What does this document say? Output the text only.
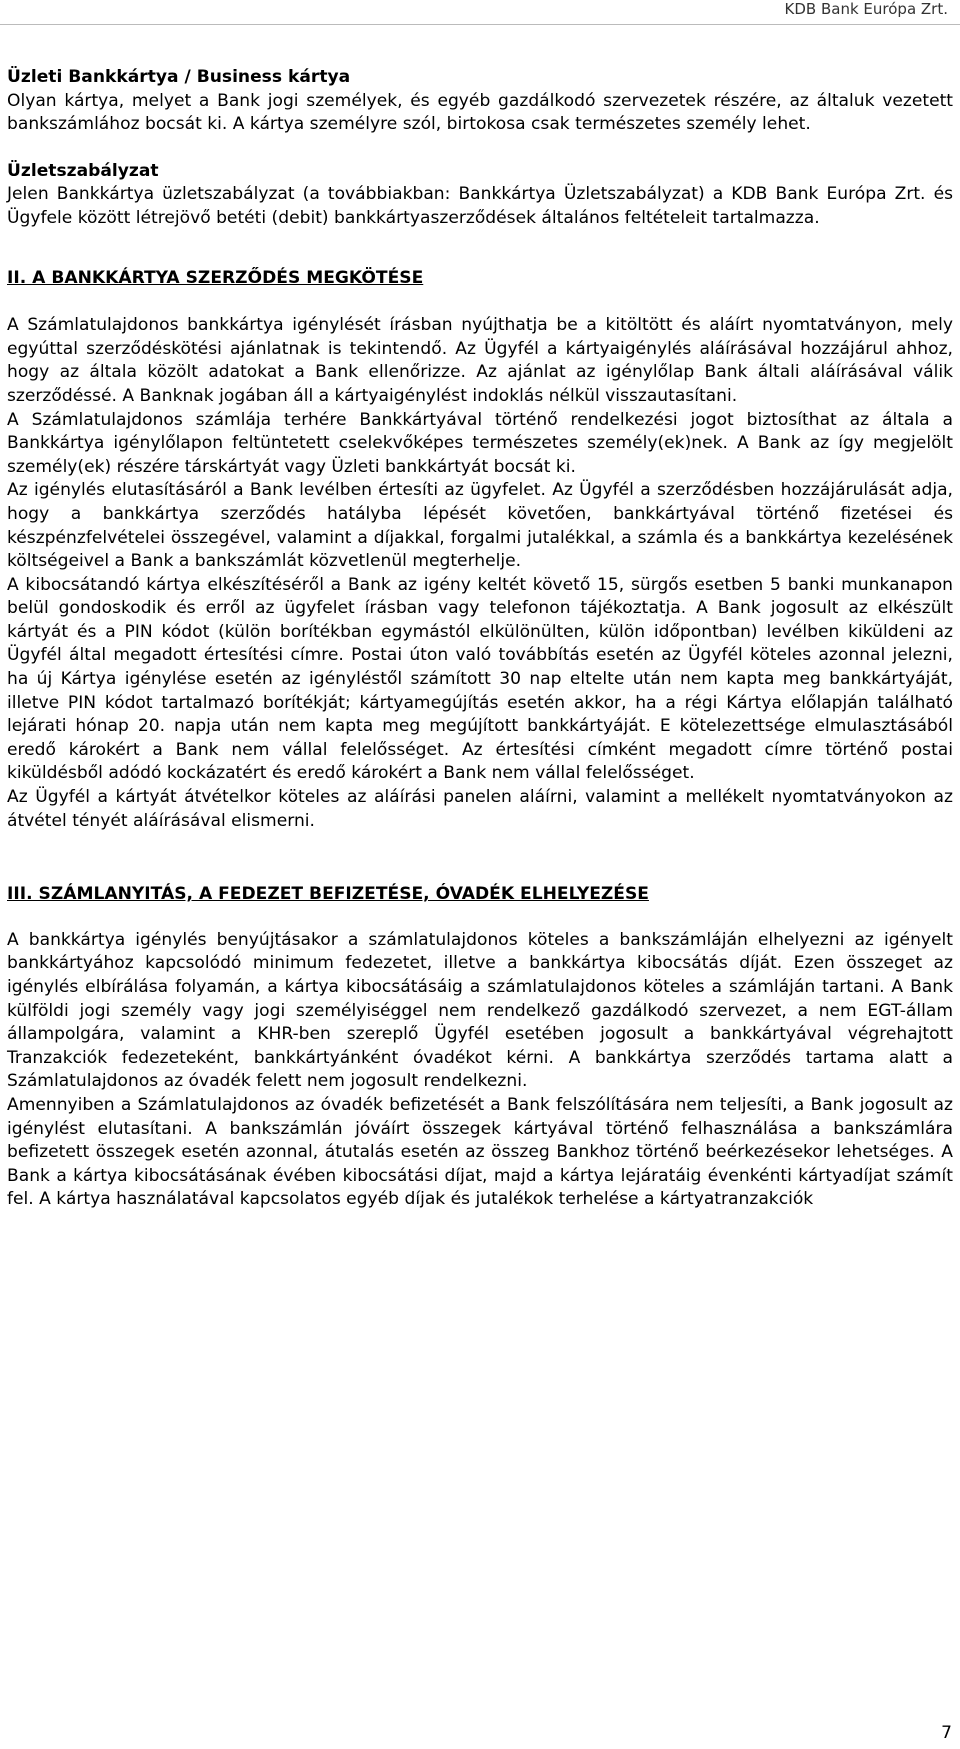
KDB Bank Európa Zrt.

Üzleti Bankkártya / Business kártya

Olyan kártya, melyet a Bank jogi személyek, és egyéb gazdálkodó szervezetek részére, az általuk vezetett bankszámlához bocsát ki. A kártya személyre szól, birtokosa csak természetes személy lehet.

Üzletszabályzat

Jelen Bankkártya üzletszabályzat (a továbbiakban: Bankkártya Üzletszabályzat) a KDB Bank Európa Zrt. és Ügyfele között létrejövő betéti (debit) bankkártyaszerződések általános feltételeit tartalmazza.

II. A BANKKÁRTYA SZERZŐDÉS MEGKÖTÉSE

A Számlatulajdonos bankkártya igénylését írásban nyújthatja be a kitöltött és aláírt nyomtatványon, mely egyúttal szerződéskötési ajánlatnak is tekintendő. Az Ügyfél a kártyaigénylés aláírásával hozzájárul ahhoz, hogy az általa közölt adatokat a Bank ellenőrizze. Az ajánlat az igénylőlap Bank általi aláírásával válik szerződéssé. A Banknak jogában áll a kártyaigénylést indoklás nélkül visszautasítani.

A Számlatulajdonos számlája terhére Bankkártyával történő rendelkezési jogot biztosíthat az általa a Bankkártya igénylőlapon feltüntetett cselekvőképes természetes személy(ek)nek. A Bank az így megjelölt személy(ek) részére társkártyát vagy Üzleti bankkártyát bocsát ki.

Az igénylés elutasításáról a Bank levélben értesíti az ügyfelet. Az Ügyfél a szerződésben hozzájárulását adja, hogy a bankkártya szerződés hatályba lépését követően, bankkártyával történő fizetései és készpénzfelvételei összegével, valamint a díjakkal, forgalmi jutalékkal, a számla és a bankkártya kezelésének költségeivel a Bank a bankszámlát közvetlenül megterhelje.

A kibocsátandó kártya elkészítéséről a Bank az igény keltét követő 15, sürgős esetben 5 banki munkanapon belül gondoskodik és erről az ügyfelet írásban vagy telefonon tájékoztatja. A Bank jogosult az elkészült kártyát és a PIN kódot (külön borítékban egymástól elkülönülten, külön időpontban) levélben kiküldeni az Ügyfél által megadott értesítési címre. Postai úton való továbbítás esetén az Ügyfél köteles azonnal jelezni, ha új Kártya igénylése esetén az igényléstől számított 30 nap eltelte után nem kapta meg bankkártyáját, illetve PIN kódot tartalmazó borítékját; kártyamegújítás esetén akkor, ha a régi Kártya előlapján található lejárati hónap 20. napja után nem kapta meg megújított bankkártyáját. E kötelezettsége elmulasztásából eredő károkért a Bank nem vállal felelősséget. Az értesítési címként megadott címre történő postai kiküldésből adódó kockázatért és eredő károkért a Bank nem vállal felelősséget.

Az Ügyfél a kártyát átvételkor köteles az aláírási panelen aláírni, valamint a mellékelt nyomtatványokon az átvétel tényét aláírásával elismerni.

III. SZÁMLANYITÁS, A FEDEZET BEFIZETÉSE, ÓVADÉK ELHELYEZÉSE

A bankkártya igénylés benyújtásakor a számlatulajdonos köteles a bankszámláján elhelyezni az igényelt bankkártyához kapcsolódó minimum fedezetet, illetve a bankkártya kibocsátás díját. Ezen összeget az igénylés elbírálása folyamán, a kártya kibocsátásáig a számlatulajdonos köteles a számláján tartani. A Bank külföldi jogi személy vagy jogi személyiséggel nem rendelkező gazdálkodó szervezet, a nem EGT-állam állampolgára, valamint a KHR-ben szereplő Ügyfél esetében jogosult a bankkártyával végrehajtott Tranzakciók fedezeteként, bankkártyánként óvadékot kérni. A bankkártya szerződés tartama alatt a Számlatulajdonos az óvadék felett nem jogosult rendelkezni.

Amennyiben a Számlatulajdonos az óvadék befizetését a Bank felszólítására nem teljesíti, a Bank jogosult az igénylést elutasítani. A bankszámlán jóváírt összegek kártyával történő felhasználása a bankszámlára befizetett összegek esetén azonnal, átutalás esetén az összeg Bankhoz történő beérkezésekor lehetséges. A Bank a kártya kibocsátásának évében kibocsátási díjat, majd a kártya lejáratáig évenkénti kártyadíjat számít fel. A kártya használatával kapcsolatos egyéb díjak és jutalékok terhelése a kártyatranzakciók

7
